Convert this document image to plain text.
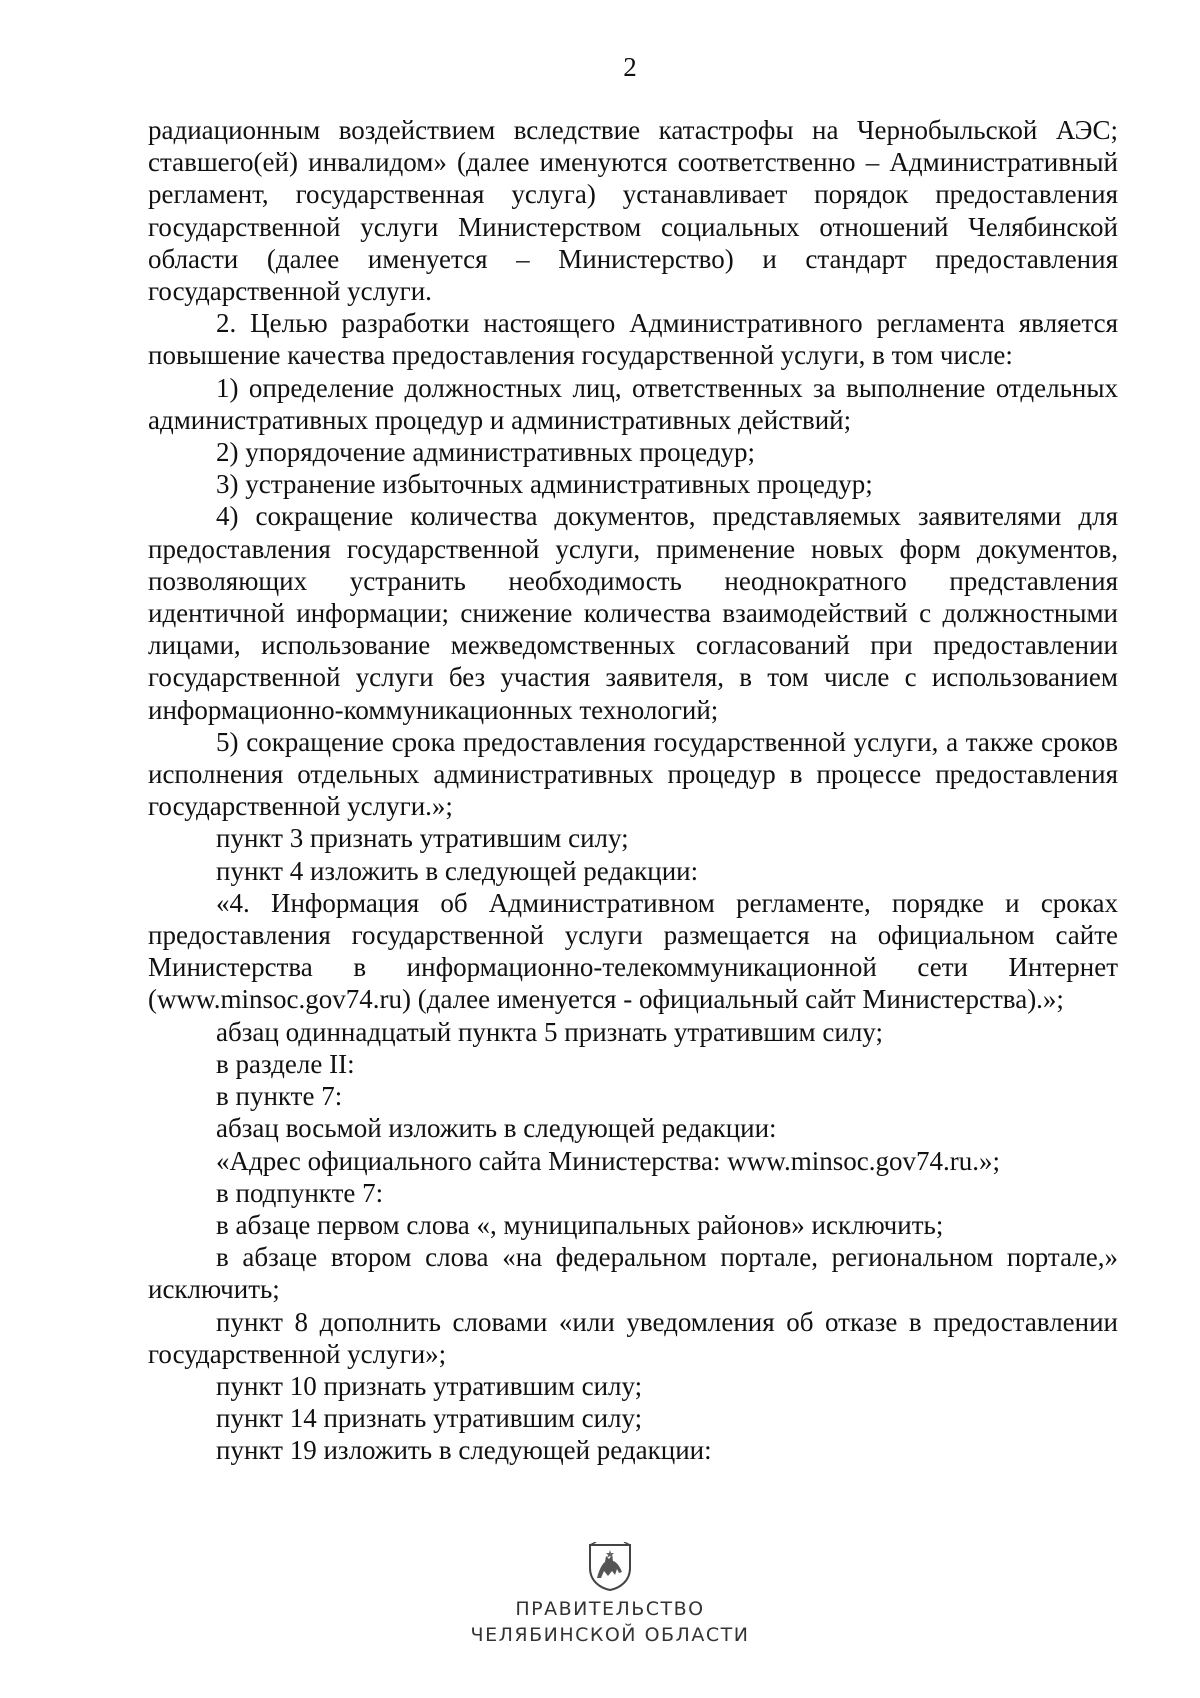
2

радиационным воздействием вследствие катастрофы на Чернобыльской АЭС; ставшего(ей) инвалидом» (далее именуются соответственно – Административный регламент, государственная услуга) устанавливает порядок предоставления государственной услуги Министерством социальных отношений Челябинской области (далее именуется – Министерство) и стандарт предоставления государственной услуги.

2. Целью разработки настоящего Административного регламента является повышение качества предоставления государственной услуги, в том числе:

1) определение должностных лиц, ответственных за выполнение отдельных административных процедур и административных действий;

2) упорядочение административных процедур;

3) устранение избыточных административных процедур;

4) сокращение количества документов, представляемых заявителями для предоставления государственной услуги, применение новых форм документов, позволяющих устранить необходимость неоднократного представления идентичной информации; снижение количества взаимодействий с должностными лицами, использование межведомственных согласований при предоставлении государственной услуги без участия заявителя, в том числе с использованием информационно-коммуникационных технологий;

5) сокращение срока предоставления государственной услуги, а также сроков исполнения отдельных административных процедур в процессе предоставления государственной услуги.»;

пункт 3 признать утратившим силу;

пункт 4 изложить в следующей редакции:

«4. Информация об Административном регламенте, порядке и сроках предоставления государственной услуги размещается на официальном сайте Министерства в информационно-телекоммуникационной сети Интернет (www.minsoc.gov74.ru) (далее именуется - официальный сайт Министерства).»;

абзац одиннадцатый пункта 5 признать утратившим силу;

в разделе II:

в пункте 7:

абзац восьмой изложить в следующей редакции:

«Адрес официального сайта Министерства: www.minsoc.gov74.ru.»;

в подпункте 7:

в абзаце первом слова «, муниципальных районов» исключить;

в абзаце втором слова «на федеральном портале, региональном портале,» исключить;

пункт 8 дополнить словами «или уведомления об отказе в предоставлении государственной услуги»;

пункт 10 признать утратившим силу;

пункт 14 признать утратившим силу;

пункт 19 изложить в следующей редакции:

ПРАВИТЕЛЬСТВО
ЧЕЛЯБИНСКОЙ ОБЛАСТИ
